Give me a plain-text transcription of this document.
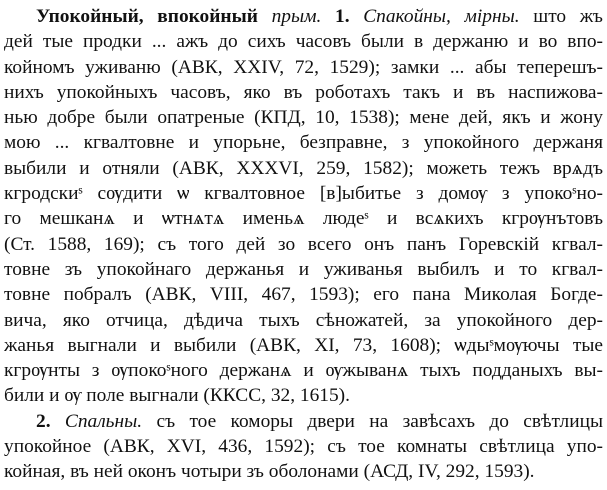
Упокойный, впокойный прым. 1. Спакойны, мірны. што жъ
дей тые продки ... ажъ до сихъ часовъ были в держаню и во впо-
койномъ уживаню (АВК, XXIV, 72, 1529); замки ... абы теперешъ-
нихъ упокойныхъ часовъ, яко въ роботахъ такъ и въ наспижова-
нью добре были опатреные (КПД, 10, 1538); мене дей, якъ и жону
мою ... кгвалтовне и упорьне, безправне, з упокойного держаня
выбили и отняли (АВК, XXXVI, 259, 1582); можеть тежъ врѧдъ
кгродскиˢ сѹдити ѡ кгвалтовное [в]ыбитье з домѹ з упокоˢно-
го мешканѧ и ѡтнѧтѧ именьѧ людеˢ и всѧкихъ кгрѹнътовъ
(Ст. 1588, 169); съ того дей зо всего онъ панъ Горевскій кгвал-
товне зъ упокойнаго держанья и уживанья выбилъ и то кгвал-
товне побралъ (АВК, VIII, 467, 1593); его пана Миколая Богде-
вича, яко отчица, дѣдича тыхъ сѣножатей, за упокойного дер-
жанья выгнали и выбили (АВК, XI, 73, 1608); ѡдыˢмѹючы тые
кгрѹнты з ѹпокоˢного держанѧ и ѹжыванѧ тыхъ подданыхъ вы-
били и ѹ поле выгнали (ККСС, 32, 1615).
2. Спальны. съ тое коморы двери на завѣсахъ до свѣтлицы
упокойное (АВК, XVI, 436, 1592); съ тое комнаты свѣтлица упо-
койная, въ ней оконъ чотыри зъ оболонами (АСД, IV, 292, 1593).
